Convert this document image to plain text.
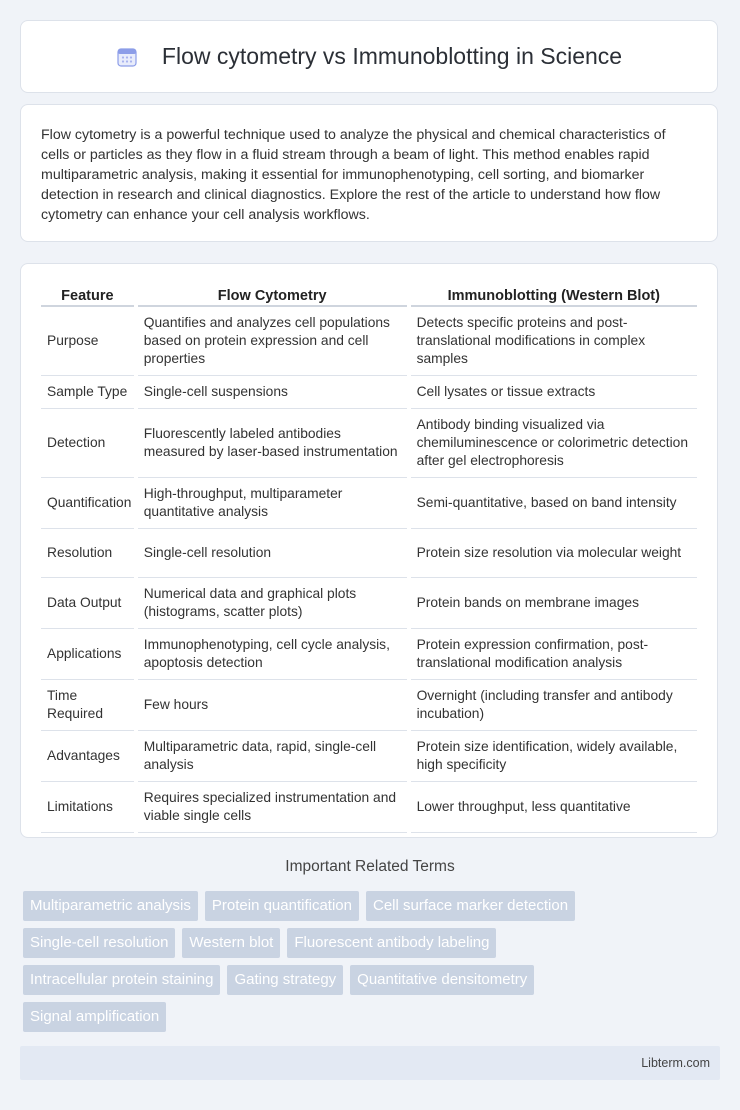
Flow cytometry vs Immunoblotting in Science

Flow cytometry is a powerful technique used to analyze the physical and chemical characteristics of cells or particles as they flow in a fluid stream through a beam of light. This method enables rapid multiparametric analysis, making it essential for immunophenotyping, cell sorting, and biomarker detection in research and clinical diagnostics. Explore the rest of the article to understand how flow cytometry can enhance your cell analysis workflows.

Feature	Flow Cytometry	Immunoblotting (Western Blot)
Purpose	Quantifies and analyzes cell populations based on protein expression and cell properties	Detects specific proteins and post-translational modifications in complex samples
Sample Type	Single-cell suspensions	Cell lysates or tissue extracts
Detection	Fluorescently labeled antibodies measured by laser-based instrumentation	Antibody binding visualized via chemiluminescence or colorimetric detection after gel electrophoresis
Quantification	High-throughput, multiparameter quantitative analysis	Semi-quantitative, based on band intensity
Resolution	Single-cell resolution	Protein size resolution via molecular weight
Data Output	Numerical data and graphical plots (histograms, scatter plots)	Protein bands on membrane images
Applications	Immunophenotyping, cell cycle analysis, apoptosis detection	Protein expression confirmation, post-translational modification analysis
Time Required	Few hours	Overnight (including transfer and antibody incubation)
Advantages	Multiparametric data, rapid, single-cell analysis	Protein size identification, widely available, high specificity
Limitations	Requires specialized instrumentation and viable single cells	Lower throughput, less quantitative
Important Related Terms
Multiparametric analysis	Protein quantification	Cell surface marker detection
Single-cell resolution	Western blot	Fluorescent antibody labeling
Intracellular protein staining	Gating strategy	Quantitative densitometry
Signal amplification
Libterm.com
